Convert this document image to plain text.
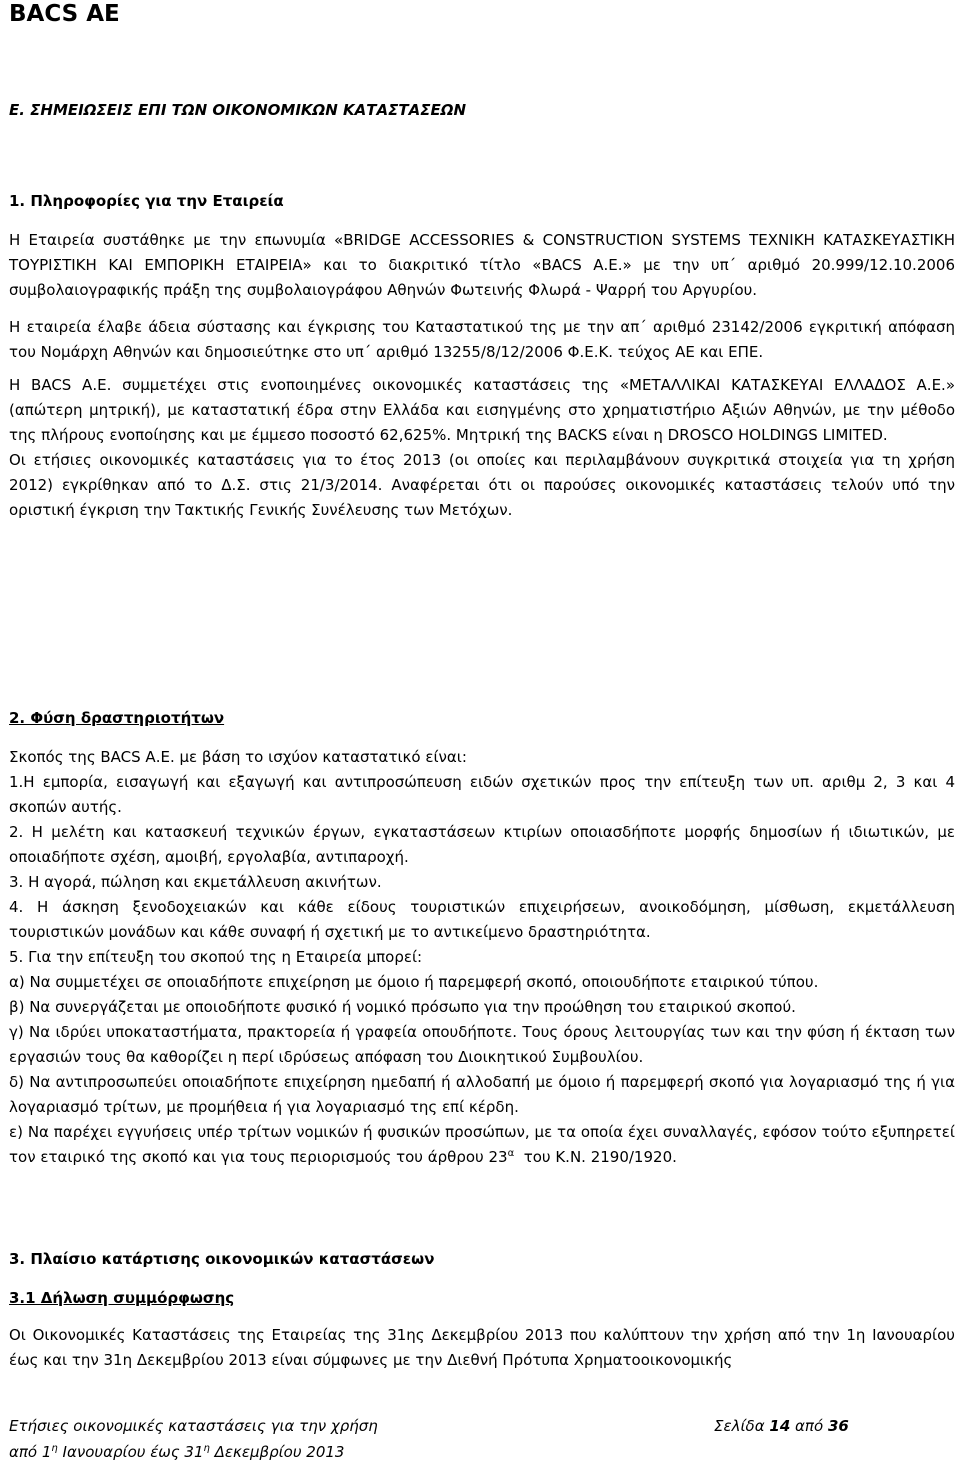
BACS AE
Ε. ΣΗΜΕΙΩΣΕΙΣ ΕΠΙ ΤΩΝ ΟΙΚΟΝΟΜΙΚΩΝ ΚΑΤΑΣΤΑΣΕΩΝ

1. Πληροφορίες για την Εταιρεία

Η Εταιρεία συστάθηκε με την επωνυμία «BRIDGE ACCESSORIES & CONSTRUCTION SYSTEMS ΤΕΧΝΙΚΗ ΚΑΤΑΣΚΕΥΑΣΤΙΚΗ ΤΟΥΡΙΣΤΙΚΗ ΚΑΙ ΕΜΠΟΡΙΚΗ ΕΤΑΙΡΕΙΑ» και το διακριτικό τίτλο «BACS Α.Ε.» με την υπ΄ αριθμό 20.999/12.10.2006 συμβολαιογραφικής πράξη της συμβολαιογράφου Αθηνών Φωτεινής Φλωρά - Ψαρρή του Αργυρίου.

Η εταιρεία έλαβε άδεια σύστασης και έγκρισης του Καταστατικού της με την απ΄ αριθμό 23142/2006 εγκριτική απόφαση του Νομάρχη Αθηνών και δημοσιεύτηκε στο υπ΄ αριθμό 13255/8/12/2006 Φ.Ε.Κ. τεύχος ΑΕ και ΕΠΕ.

Η BACS Α.Ε. συμμετέχει στις ενοποιημένες οικονομικές καταστάσεις της «ΜΕΤΑΛΛΙΚΑΙ ΚΑΤΑΣΚΕΥΑΙ ΕΛΛΑΔΟΣ Α.Ε.» (απώτερη μητρική), με καταστατική έδρα στην Ελλάδα και εισηγμένης στο χρηματιστήριο Αξιών Αθηνών, με την μέθοδο της πλήρους ενοποίησης και με έμμεσο ποσοστό 62,625%. Μητρική της BACKS είναι η DROSCO HOLDINGS LIMITED.

Οι ετήσιες οικονομικές καταστάσεις για το έτος 2013 (οι οποίες και περιλαμβάνουν συγκριτικά στοιχεία για τη χρήση 2012) εγκρίθηκαν από το Δ.Σ. στις 21/3/2014. Αναφέρεται ότι οι παρούσες οικονομικές καταστάσεις τελούν υπό την οριστική έγκριση την Τακτικής Γενικής Συνέλευσης των Μετόχων.

2. Φύση δραστηριοτήτων

Σκοπός της BACS Α.Ε. με βάση το ισχύον καταστατικό είναι:

1.Η εμπορία, εισαγωγή και εξαγωγή και αντιπροσώπευση ειδών σχετικών προς την επίτευξη των υπ. αριθμ 2, 3 και 4 σκοπών αυτής.

2. Η μελέτη και κατασκευή τεχνικών έργων, εγκαταστάσεων κτιρίων οποιασδήποτε μορφής δημοσίων ή ιδιωτικών, με οποιαδήποτε σχέση, αμοιβή, εργολαβία, αντιπαροχή.

3. Η αγορά, πώληση και εκμετάλλευση ακινήτων.

4. Η άσκηση ξενοδοχειακών και κάθε είδους τουριστικών επιχειρήσεων, ανοικοδόμηση, μίσθωση, εκμετάλλευση τουριστικών μονάδων και κάθε συναφή ή σχετική με το αντικείμενο δραστηριότητα.

5. Για την επίτευξη του σκοπού της η Εταιρεία μπορεί:

α) Να συμμετέχει σε οποιαδήποτε επιχείρηση με όμοιο ή παρεμφερή σκοπό, οποιουδήποτε εταιρικού τύπου.

β) Να συνεργάζεται με οποιοδήποτε φυσικό ή νομικό πρόσωπο για την προώθηση του εταιρικού σκοπού.

γ) Να ιδρύει υποκαταστήματα, πρακτορεία ή γραφεία οπουδήποτε. Τους όρους λειτουργίας των και την φύση ή έκταση των εργασιών τους θα καθορίζει η περί ιδρύσεως απόφαση του Διοικητικού Συμβουλίου.

δ) Να αντιπροσωπεύει οποιαδήποτε επιχείρηση ημεδαπή ή αλλοδαπή με όμοιο ή παρεμφερή σκοπό για λογαριασμό της ή για λογαριασμό τρίτων, με προμήθεια ή για λογαριασμό της επί κέρδη.

ε) Να παρέχει εγγυήσεις υπέρ τρίτων νομικών ή φυσικών προσώπων, με τα οποία έχει συναλλαγές, εφόσον τούτο εξυπηρετεί τον εταιρικό της σκοπό και για τους περιορισμούς του άρθρου $23^\alpha$  του Κ.Ν. 2190/1920.

3. Πλαίσιο κατάρτισης οικονομικών καταστάσεων

3.1 Δήλωση συμμόρφωσης

Οι Οικονομικές Καταστάσεις της Εταιρείας της 31ης Δεκεμβρίου 2013 που καλύπτουν την χρήση από την 1η Ιανουαρίου έως και την 31η Δεκεμβρίου 2013 είναι σύμφωνες με την Διεθνή Πρότυπα Χρηματοοικονομικής

Ετήσιες οικονομικές καταστάσεις για την χρήση
από $1^\eta$ Ιανουαρίου έως $31^\eta$ Δεκεμβρίου 2013
Σελίδα 14 από 36
